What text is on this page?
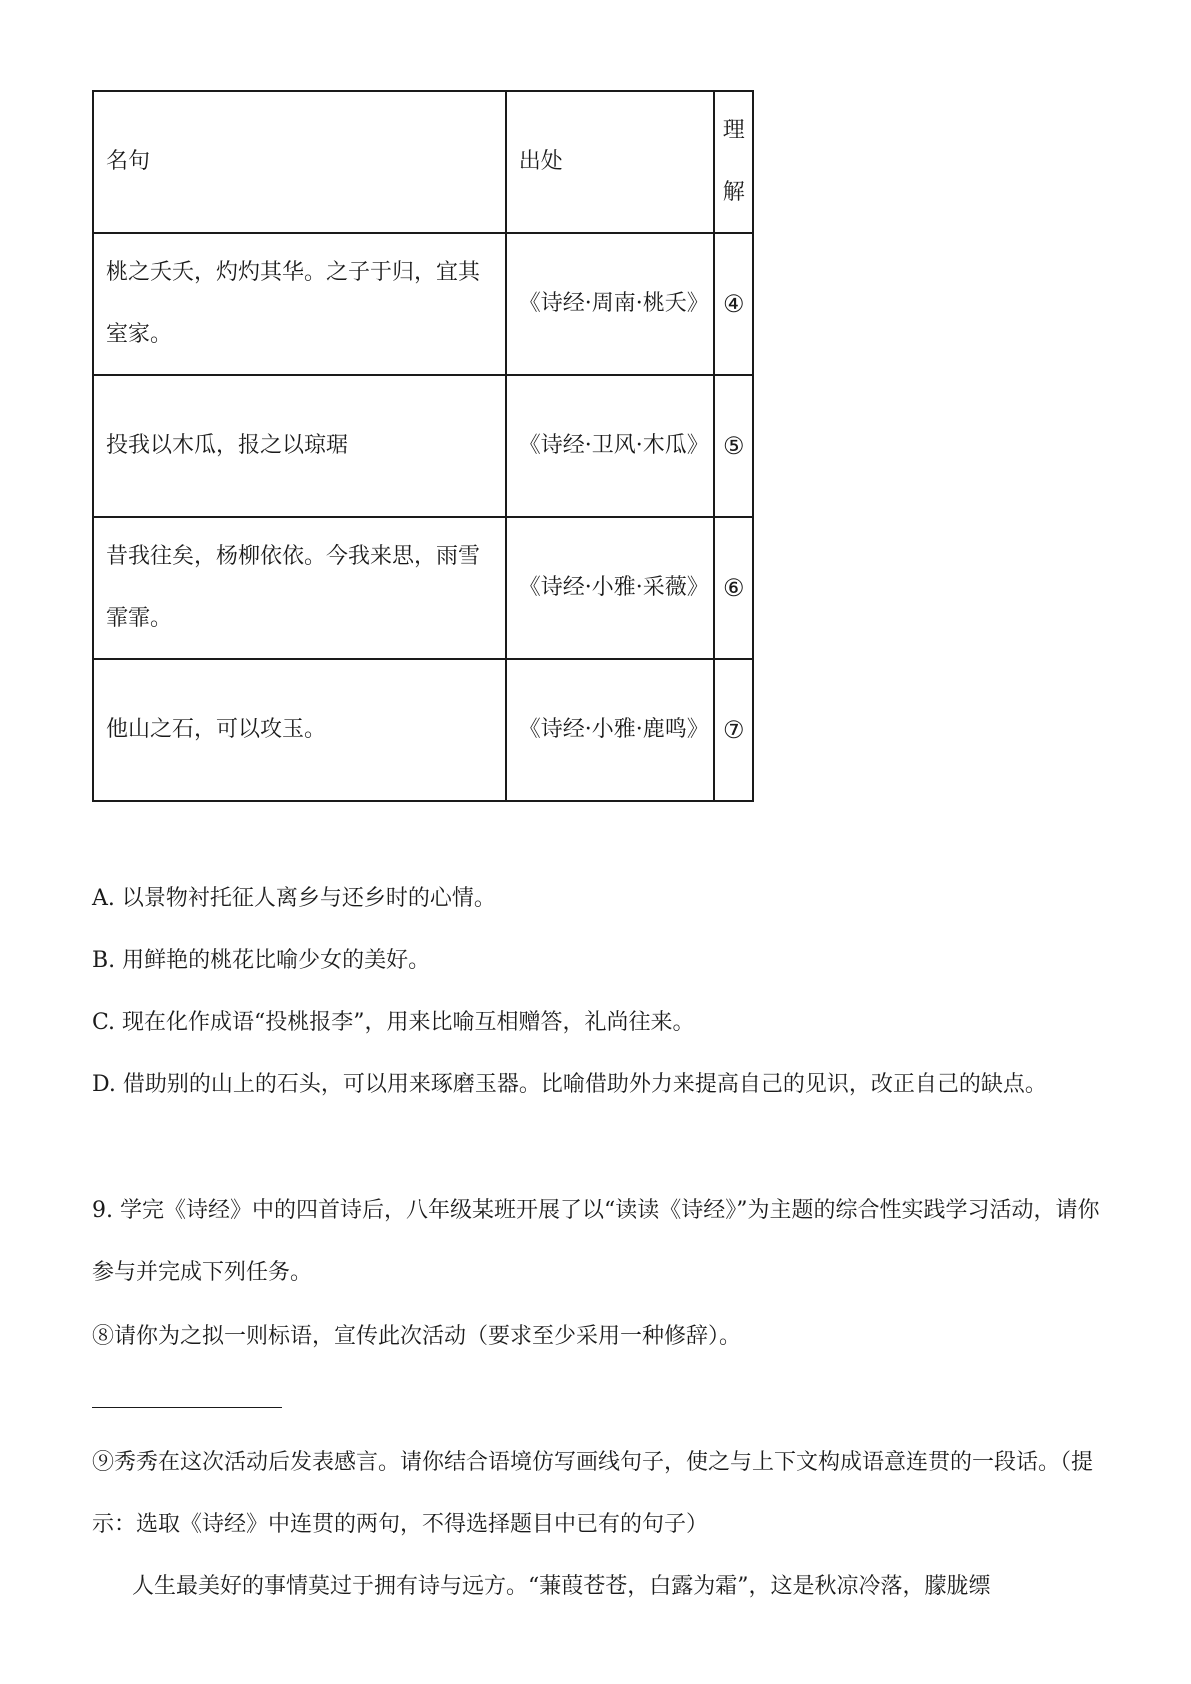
名句	出处	理解
桃之夭夭，灼灼其华。之子于归，宜其室家。	《诗经·周南·桃夭》	④
投我以木瓜，报之以琼琚	《诗经·卫风·木瓜》	⑤
昔我往矣，杨柳依依。今我来思，雨雪霏霏。	《诗经·小雅·采薇》	⑥
他山之石，可以攻玉。	《诗经·小雅·鹿鸣》	⑦
A. 以景物衬托征人离乡与还乡时的心情。
B. 用鲜艳的桃花比喻少女的美好。
C. 现在化作成语“投桃报李”，用来比喻互相赠答，礼尚往来。
D. 借助别的山上的石头，可以用来琢磨玉器。比喻借助外力来提高自己的见识，改正自己的缺点。
9. 学完《诗经》中的四首诗后，八年级某班开展了以“读读《诗经》”为主题的综合性实践学习活动，请你参与并完成下列任务。
⑧请你为之拟一则标语，宣传此次活动（要求至少采用一种修辞）。
⑨秀秀在这次活动后发表感言。请你结合语境仿写画线句子，使之与上下文构成语意连贯的一段话。（提示：选取《诗经》中连贯的两句，不得选择题目中已有的句子）
人生最美好的事情莫过于拥有诗与远方。“蒹葭苍苍，白露为霜”，这是秋凉冷落，朦胧缥
